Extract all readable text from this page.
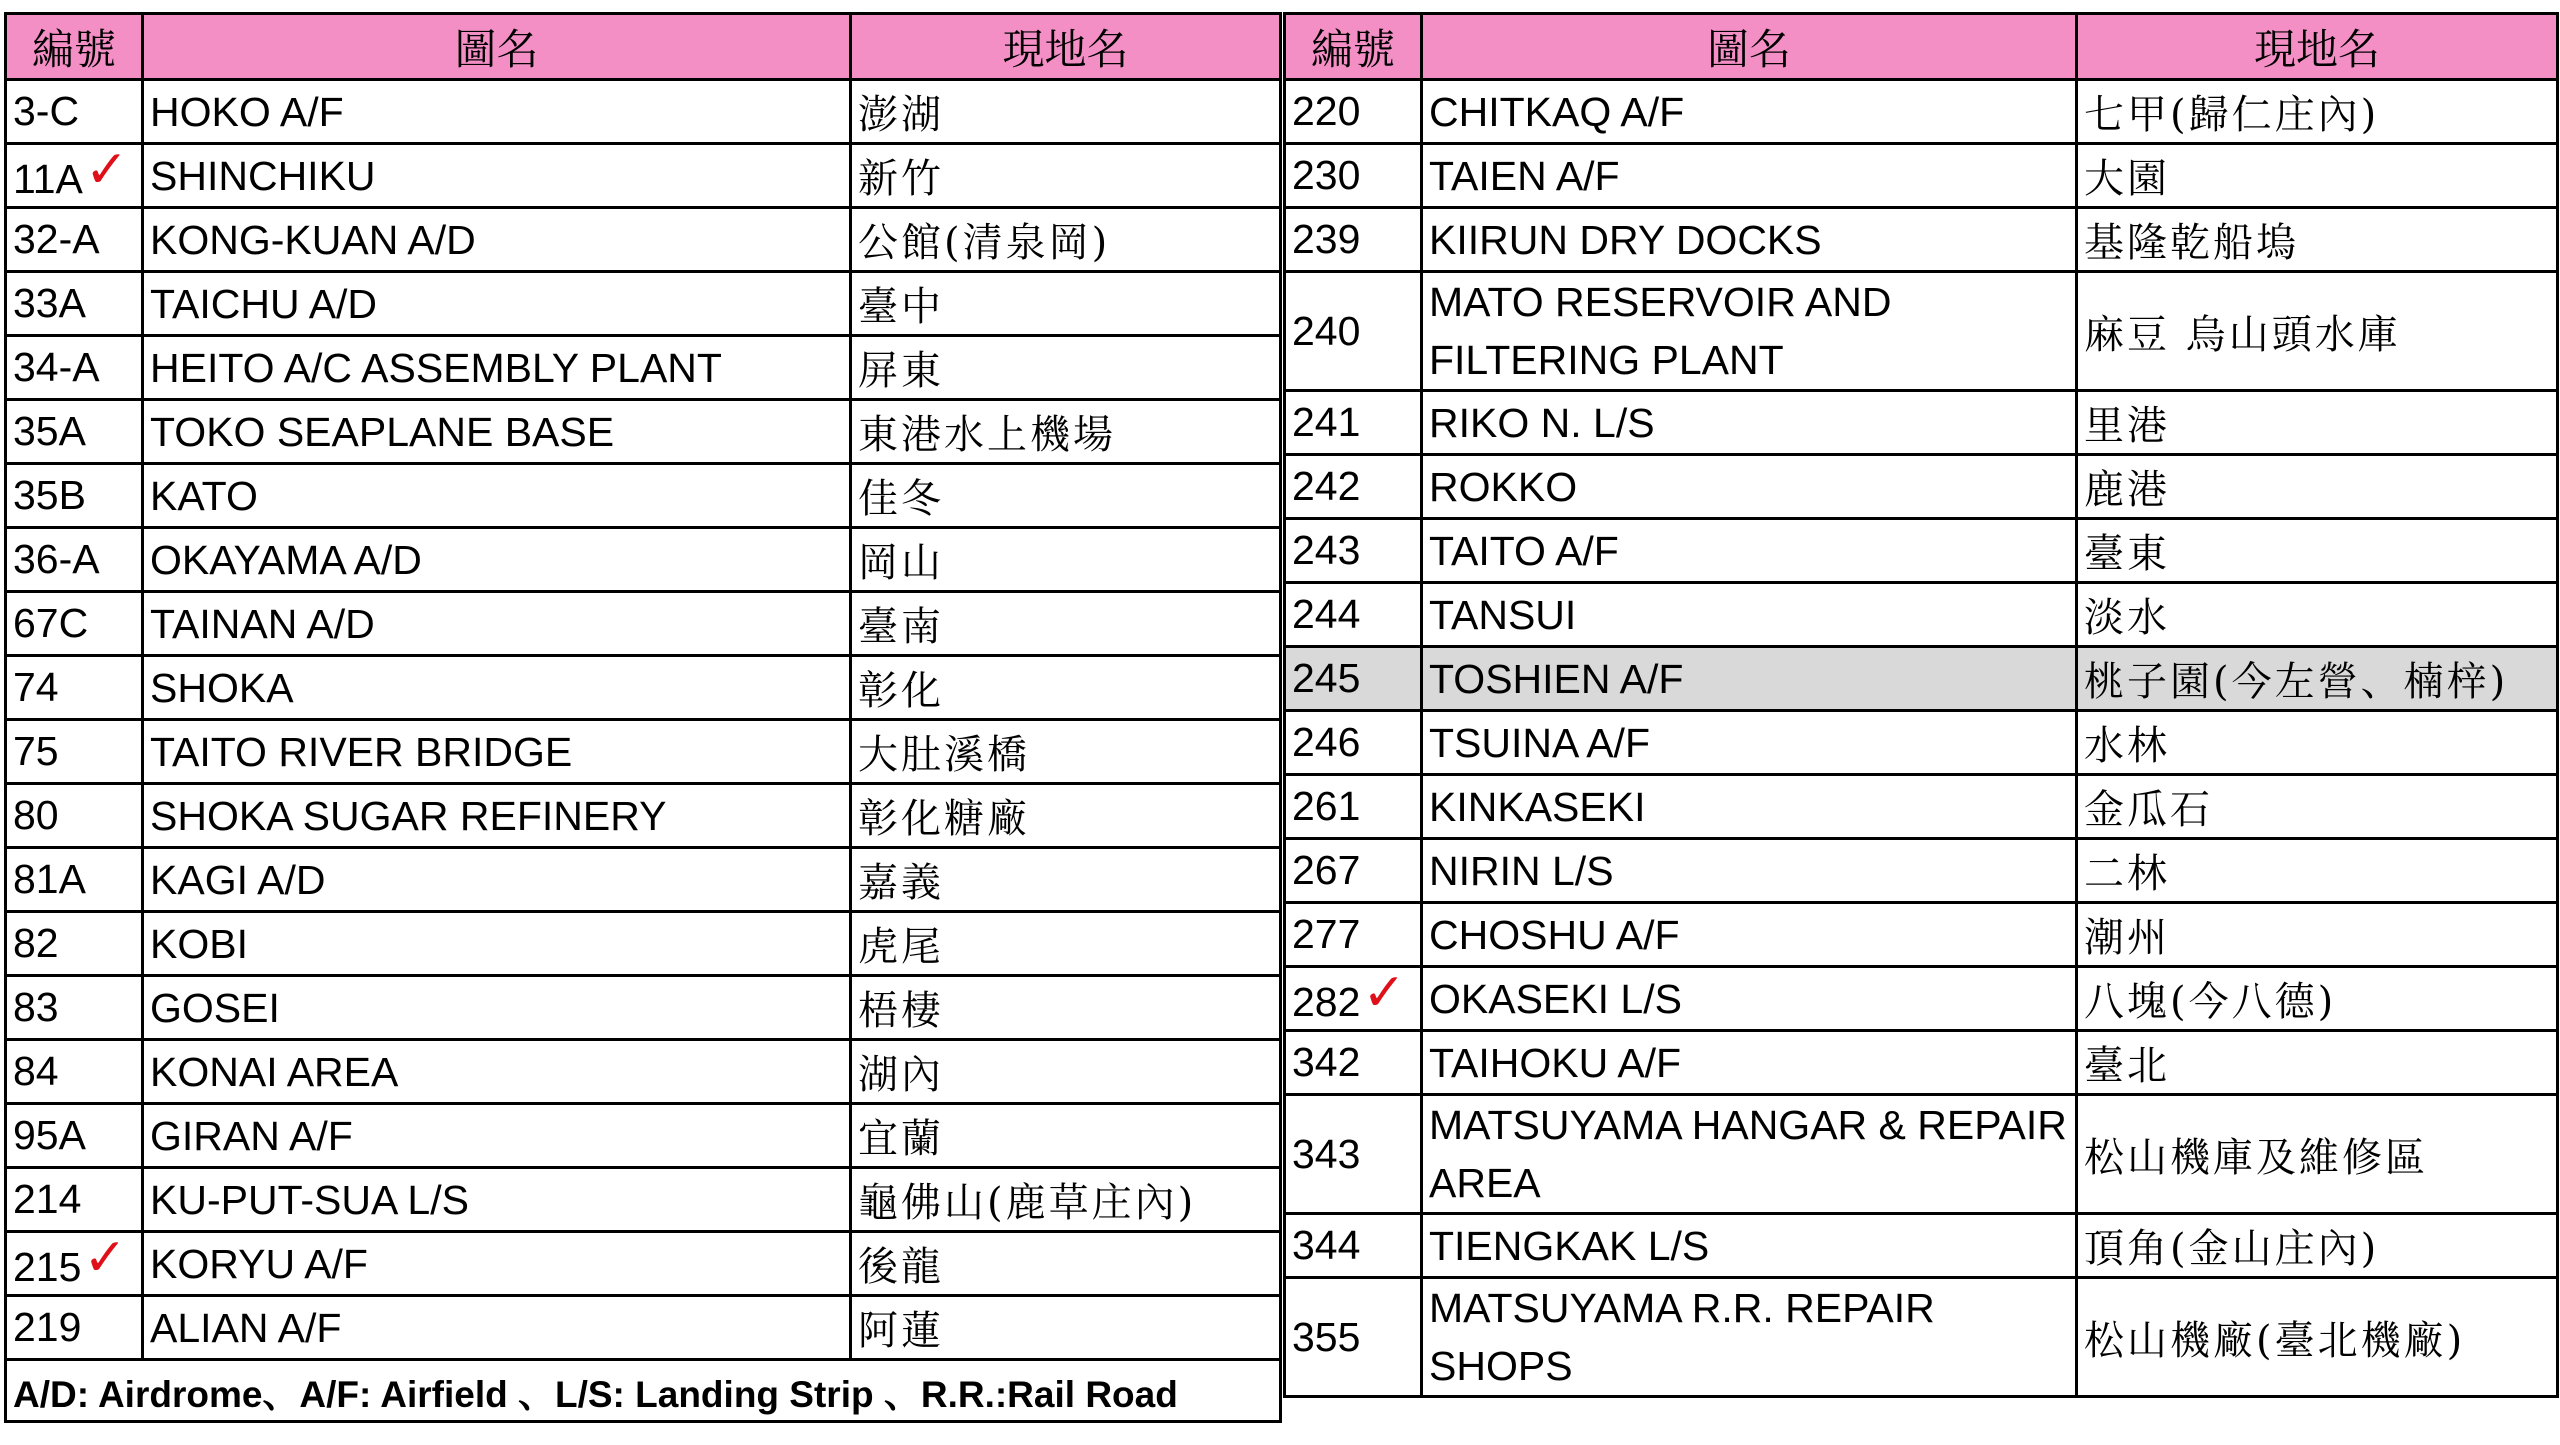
編號	圖名	現地名
3-C	HOKO A/F	澎湖
11A✓	SHINCHIKU	新竹
32-A	KONG-KUAN A/D	公館(清泉岡)
33A	TAICHU A/D	臺中
34-A	HEITO A/C ASSEMBLY PLANT	屏東
35A	TOKO SEAPLANE BASE	東港水上機場
35B	KATO	佳冬
36-A	OKAYAMA A/D	岡山
67C	TAINAN A/D	臺南
74	SHOKA	彰化
75	TAITO RIVER BRIDGE	大肚溪橋
80	SHOKA SUGAR REFINERY	彰化糖廠
81A	KAGI A/D	嘉義
82	KOBI	虎尾
83	GOSEI	梧棲
84	KONAI AREA	湖內
95A	GIRAN A/F	宜蘭
214	KU-PUT-SUA L/S	龜佛山(鹿草庄內)
215✓	KORYU A/F	後龍
219	ALIAN A/F	阿蓮
A/D: Airdrome、A/F: Airfield 、L/S: Landing Strip 、R.R.:Rail Road		
編號	圖名	現地名
220	CHITKAQ A/F	七甲(歸仁庄內)
230	TAIEN A/F	大園
239	KIIRUN DRY DOCKS	基隆乾船塢
240	MATO RESERVOIR AND FILTERING PLANT	麻豆 烏山頭水庫
241	RIKO N. L/S	里港
242	ROKKO	鹿港
243	TAITO A/F	臺東
244	TANSUI	淡水
245	TOSHIEN A/F	桃子園(今左營、楠梓)
246	TSUINA A/F	水林
261	KINKASEKI	金瓜石
267	NIRIN L/S	二林
277	CHOSHU A/F	潮州
282✓	OKASEKI L/S	八塊(今八德)
342	TAIHOKU A/F	臺北
343	MATSUYAMA HANGAR & REPAIR AREA	松山機庫及維修區
344	TIENGKAK L/S	頂角(金山庄內)
355	MATSUYAMA R.R. REPAIR SHOPS	松山機廠(臺北機廠)
